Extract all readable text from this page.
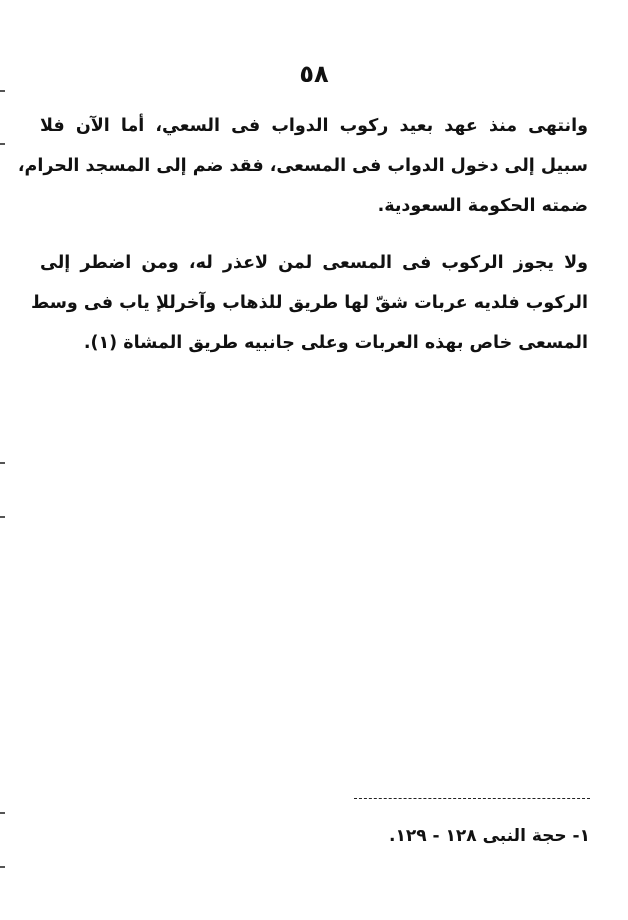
٥٨
وانتهى منذ عهد بعيد ركوب الدواب فى السعي، أما الآن فلا
سبيل إلى دخول الدواب فى المسعى، فقد ضم إلى المسجد الحرام،
ضمته الحكومة السعودية.
ولا يجوز الركوب فى المسعى لمن لاعذر له، ومن اضطر إلى
الركوب فلديه عربات شقّ لها طريق للذهاب وآخرللإ ياب فى وسط
المسعى خاص بهذه العربات وعلى جانبيه طريق المشاة (١).
١- حجة النبى ١٢٨ - ١٢٩.
